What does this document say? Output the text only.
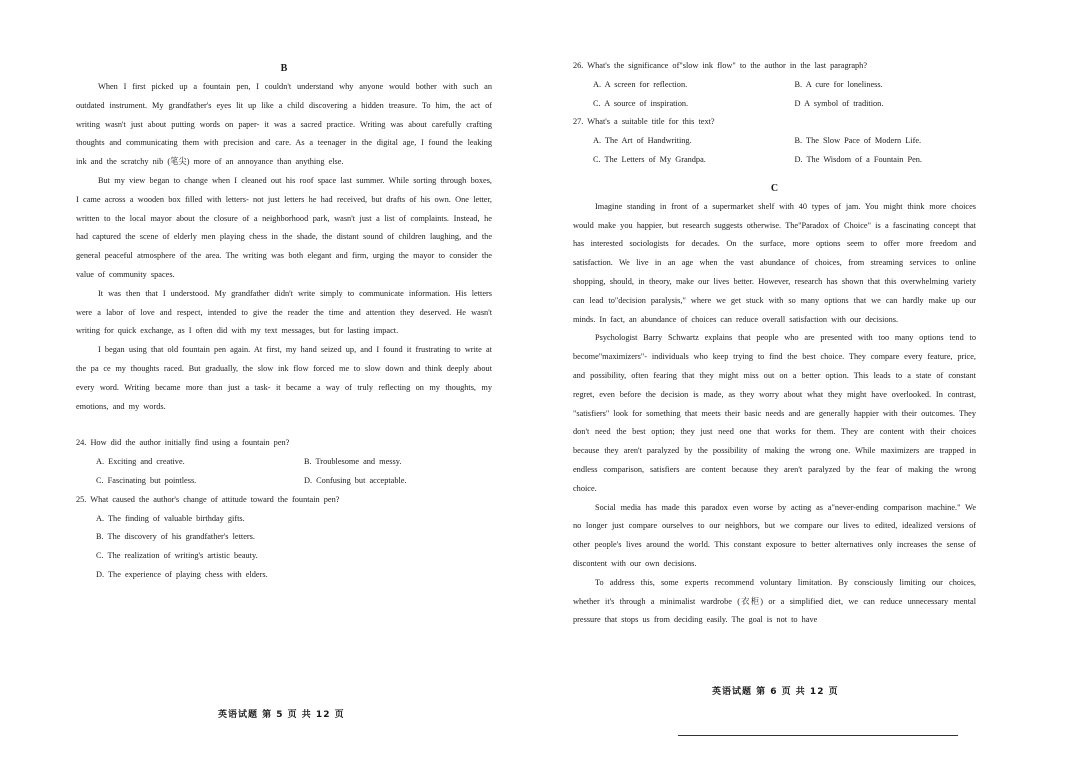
B

When I first picked up a fountain pen, I couldn't understand why anyone would bother with such an outdated instrument. My grandfather's eyes lit up like a child discovering a hidden treasure. To him, the act of writing wasn't just about putting words on paper- it was a sacred practice. Writing was about carefully crafting thoughts and communicating them with precision and care. As a teenager in the digital age, I found the leaking ink and the scratchy nib (笔尖) more of an annoyance than anything else.

But my view began to change when I cleaned out his roof space last summer. While sorting through boxes, I came across a wooden box filled with letters- not just letters he had received, but drafts of his own. One letter, written to the local mayor about the closure of a neighborhood park, wasn't just a list of complaints. Instead, he had captured the scene of elderly men playing chess in the shade, the distant sound of children laughing, and the general peaceful atmosphere of the area. The writing was both elegant and firm, urging the mayor to consider the value of community spaces.

It was then that I understood. My grandfather didn't write simply to communicate information. His letters were a labor of love and respect, intended to give the reader the time and attention they deserved. He wasn't writing for quick exchange, as I often did with my text messages, but for lasting impact.

I began using that old fountain pen again. At first, my hand seized up, and I found it frustrating to write at the pa ce my thoughts raced. But gradually, the slow ink flow forced me to slow down and think deeply about every word. Writing became more than just a task- it became a way of truly reflecting on my thoughts, my emotions, and my words.

24. How did the author initially find using a fountain pen?

A. Exciting and creative.	B. Troublesome and messy.
C. Fascinating but pointless.	D. Confusing but acceptable.

25. What caused the author's change of attitude toward the fountain pen?

A. The finding of valuable birthday gifts.
B. The discovery of his grandfather's letters.
C. The realization of writing's artistic beauty.
D. The experience of playing chess with elders.
英语试题 第 5 页 共 12 页

26. What's the significance of"slow ink flow" to the author in the last paragraph?

A. A screen for reflection.	B. A cure for loneliness.
C. A source of inspiration.	D A symbol of tradition.

27. What's a suitable title for this text?

A. The Art of Handwriting.	B. The Slow Pace of Modern Life.
C. The Letters of My Grandpa.	D. The Wisdom of a Fountain Pen.
C

Imagine standing in front of a supermarket shelf with 40 types of jam. You might think more choices would make you happier, but research suggests otherwise. The"Paradox of Choice" is a fascinating concept that has interested sociologists for decades. On the surface, more options seem to offer more freedom and satisfaction. We live in an age when the vast abundance of choices, from streaming services to online shopping, should, in theory, make our lives better. However, research has shown that this overwhelming variety can lead to"decision paralysis," where we get stuck with so many options that we can hardly make up our minds. In fact, an abundance of choices can reduce overall satisfaction with our decisions.

Psychologist Barry Schwartz explains that people who are presented with too many options tend to become"maximizers"- individuals who keep trying to find the best choice. They compare every feature, price, and possibility, often fearing that they might miss out on a better option. This leads to a state of constant regret, even before the decision is made, as they worry about what they might have overlooked. In contrast, "satisfiers" look for something that meets their basic needs and are generally happier with their outcomes. They don't need the best option; they just need one that works for them. They are content with their choices because they aren't paralyzed by the possibility of making the wrong one. While maximizers are trapped in endless comparison, satisfiers are content because they aren't paralyzed by the fear of making the wrong choice.

Social media has made this paradox even worse by acting as a"never-ending comparison machine." We no longer just compare ourselves to our neighbors, but we compare our lives to edited, idealized versions of other people's lives around the world. This constant exposure to better alternatives only increases the sense of discontent with our own decisions.

To address this, some experts recommend voluntary limitation. By consciously limiting our choices, whether it's through a minimalist wardrobe (衣柜) or a simplified diet, we can reduce unnecessary mental pressure that stops us from deciding easily. The goal is not to have

英语试题 第 6 页 共 12 页
